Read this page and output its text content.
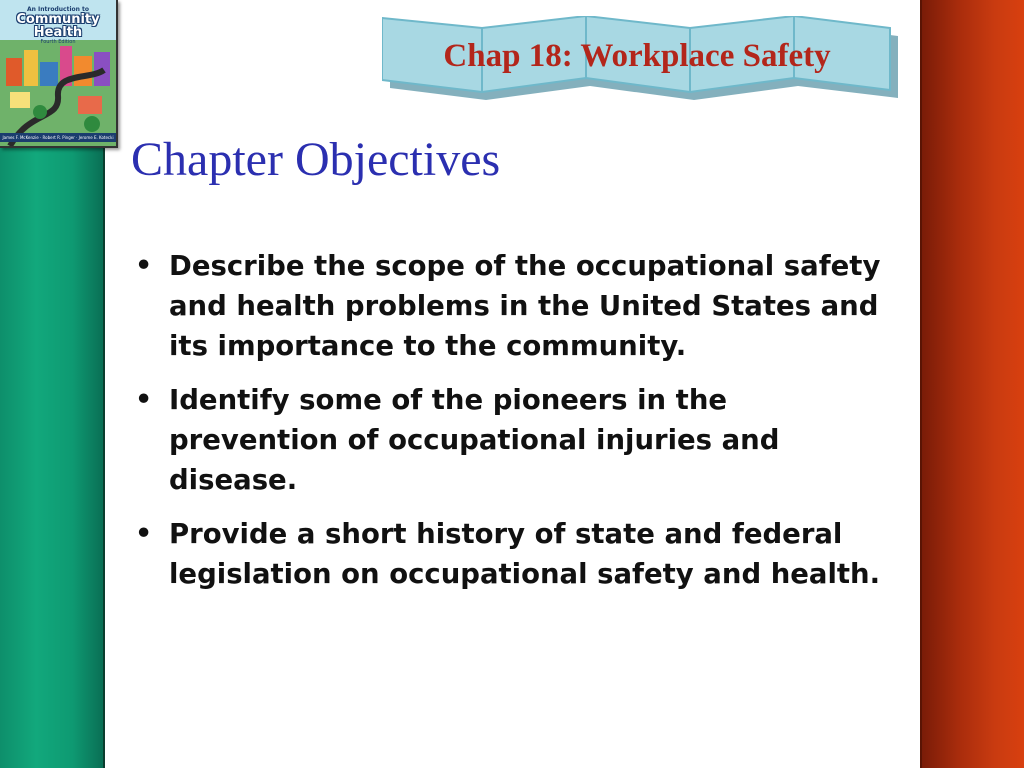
An Introduction to
Community
Health
Fourth Edition
James F. McKenzie · Robert R. Pinger · Jerome E. Kotecki
Chap 18: Workplace Safety
Chapter Objectives
• Describe the scope of the occupational safety and health problems in the United States and its importance to the community.
• Identify some of the pioneers in the prevention of occupational injuries and disease.
• Provide a short history of state and federal legislation on occupational safety and health.
